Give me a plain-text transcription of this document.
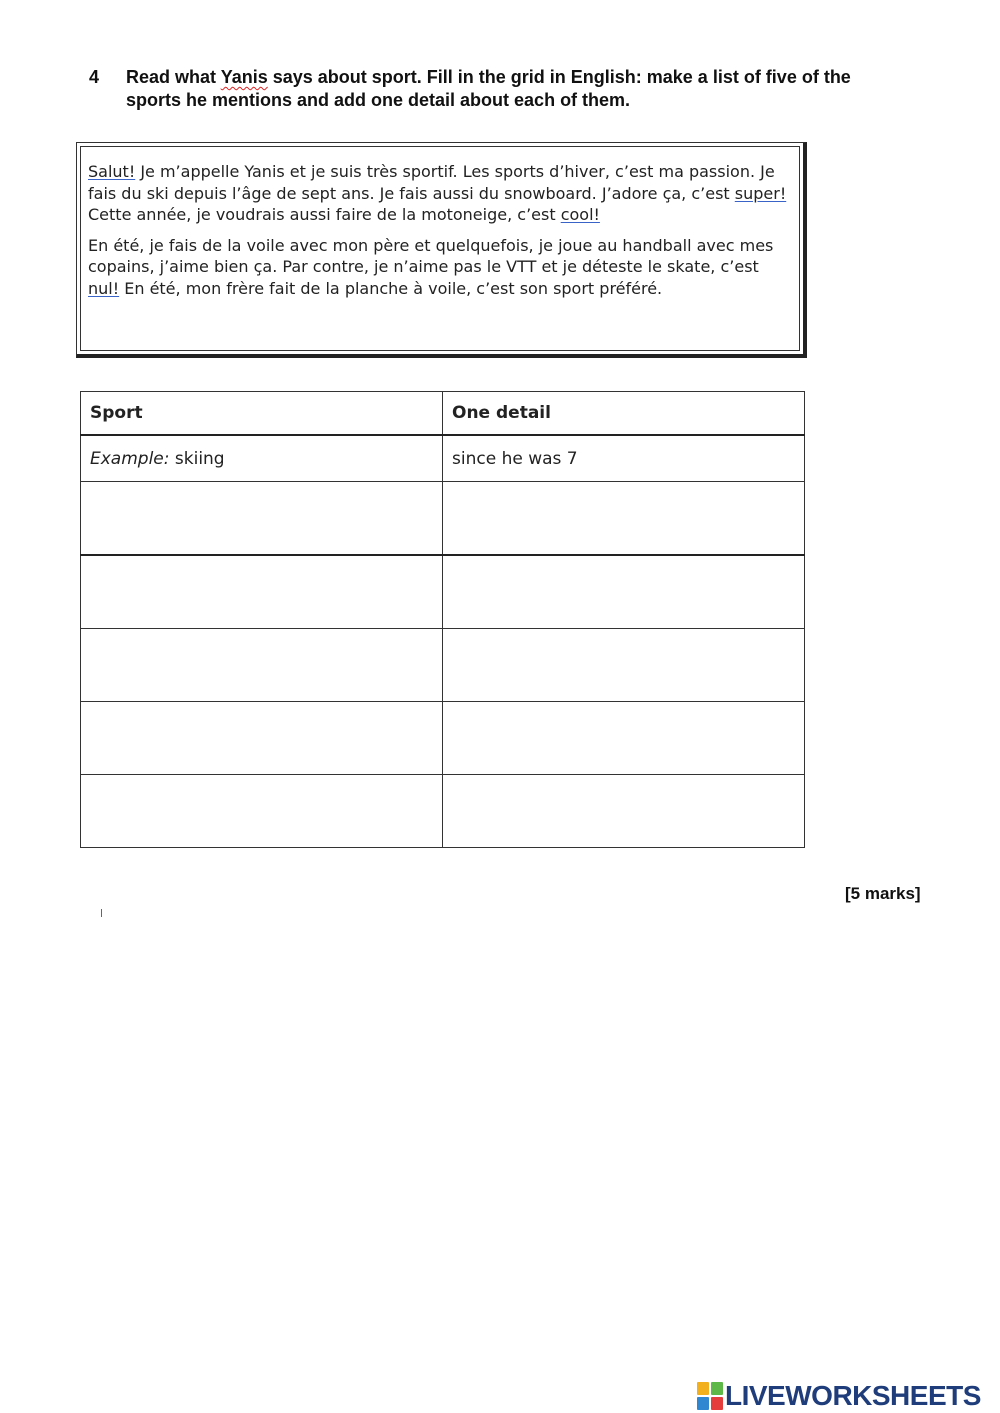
4	Read what Yanis says about sport. Fill in the grid in English: make a list of five of the sports he mentions and add one detail about each of them.

Salut! Je m’appelle Yanis et je suis très sportif. Les sports d’hiver, c’est ma passion. Je fais du ski depuis l’âge de sept ans. Je fais aussi du snowboard. J’adore ça, c’est super! Cette année, je voudrais aussi faire de la motoneige, c’est cool!

En été, je fais de la voile avec mon père et quelquefois, je joue au handball avec mes copains, j’aime bien ça. Par contre, je n’aime pas le VTT et je déteste le skate, c’est nul! En été, mon frère fait de la planche à voile, c’est son sport préféré.

Sport	One detail
Example: skiing	since he was 7

[5 marks]
LIVEWORKSHEETS
